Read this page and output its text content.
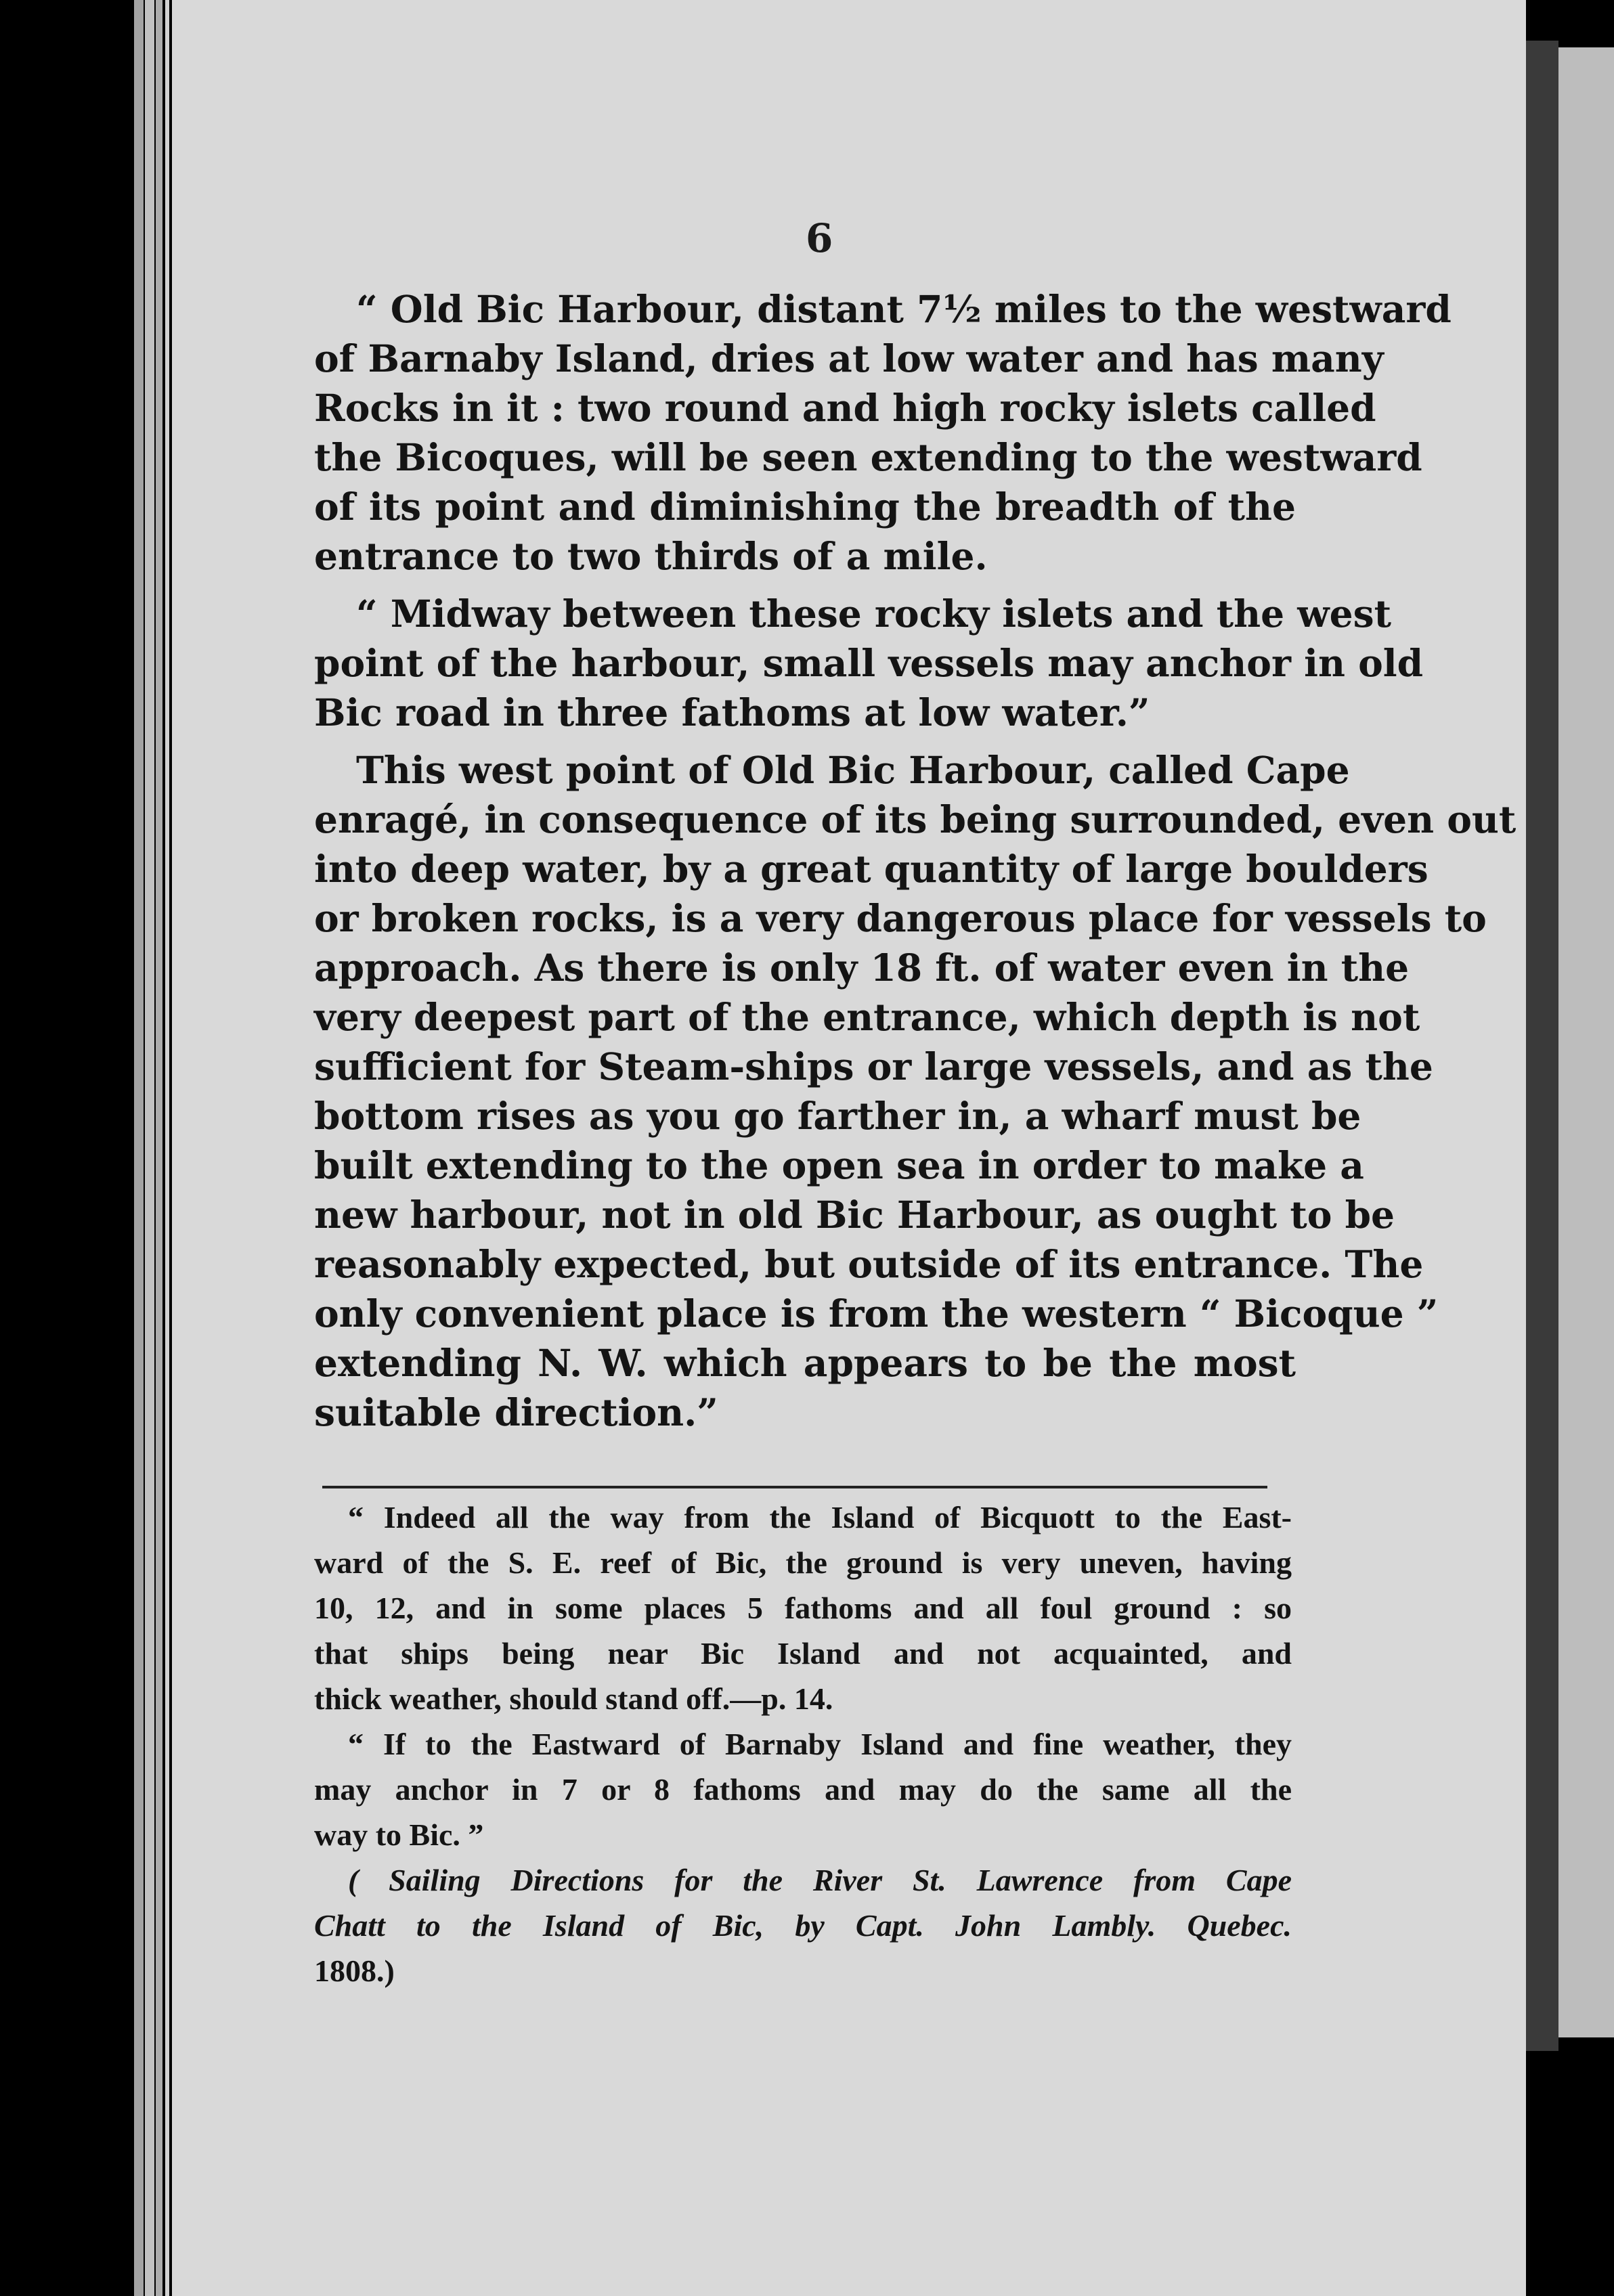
6
“ Old Bic Harbour, distant 7½ miles to the westward
of Barnaby Island, dries at low water and has many
Rocks in it : two round and high rocky islets called
the Bicoques, will be seen extending to the westward
of its point and diminishing the breadth of the
entrance to two thirds of a mile.
“ Midway between these rocky islets and the west
point of the harbour, small vessels may anchor in old
Bic road in three fathoms at low water.”
This west point of Old Bic Harbour, called Cape
enragé, in consequence of its being surrounded, even out
into deep water, by a great quantity of large boulders
or broken rocks, is a very dangerous place for vessels to
approach. As there is only 18 ft. of water even in the
very deepest part of the entrance, which depth is not
sufficient for Steam-ships or large vessels, and as the
bottom rises as you go farther in, a wharf must be
built extending to the open sea in order to make a
new harbour, not in old Bic Harbour, as ought to be
reasonably expected, but outside of its entrance. The
only convenient place is from the western “ Bicoque ”
extending N. W. which appears to be the most
suitable direction.”
“ Indeed all the way from the Island of Bicquott to the East-
ward of the S. E. reef of Bic, the ground is very uneven, having
10, 12, and in some places 5 fathoms and all foul ground : so
that ships being near Bic Island and not acquainted, and
thick weather, should stand off.—p. 14.
“ If to the Eastward of Barnaby Island and fine weather, they
may anchor in 7 or 8 fathoms and may do the same all the
way to Bic. ”
( Sailing Directions for the River St. Lawrence from Cape
Chatt to the Island of Bic, by Capt. John Lambly. Quebec.
1808.)
